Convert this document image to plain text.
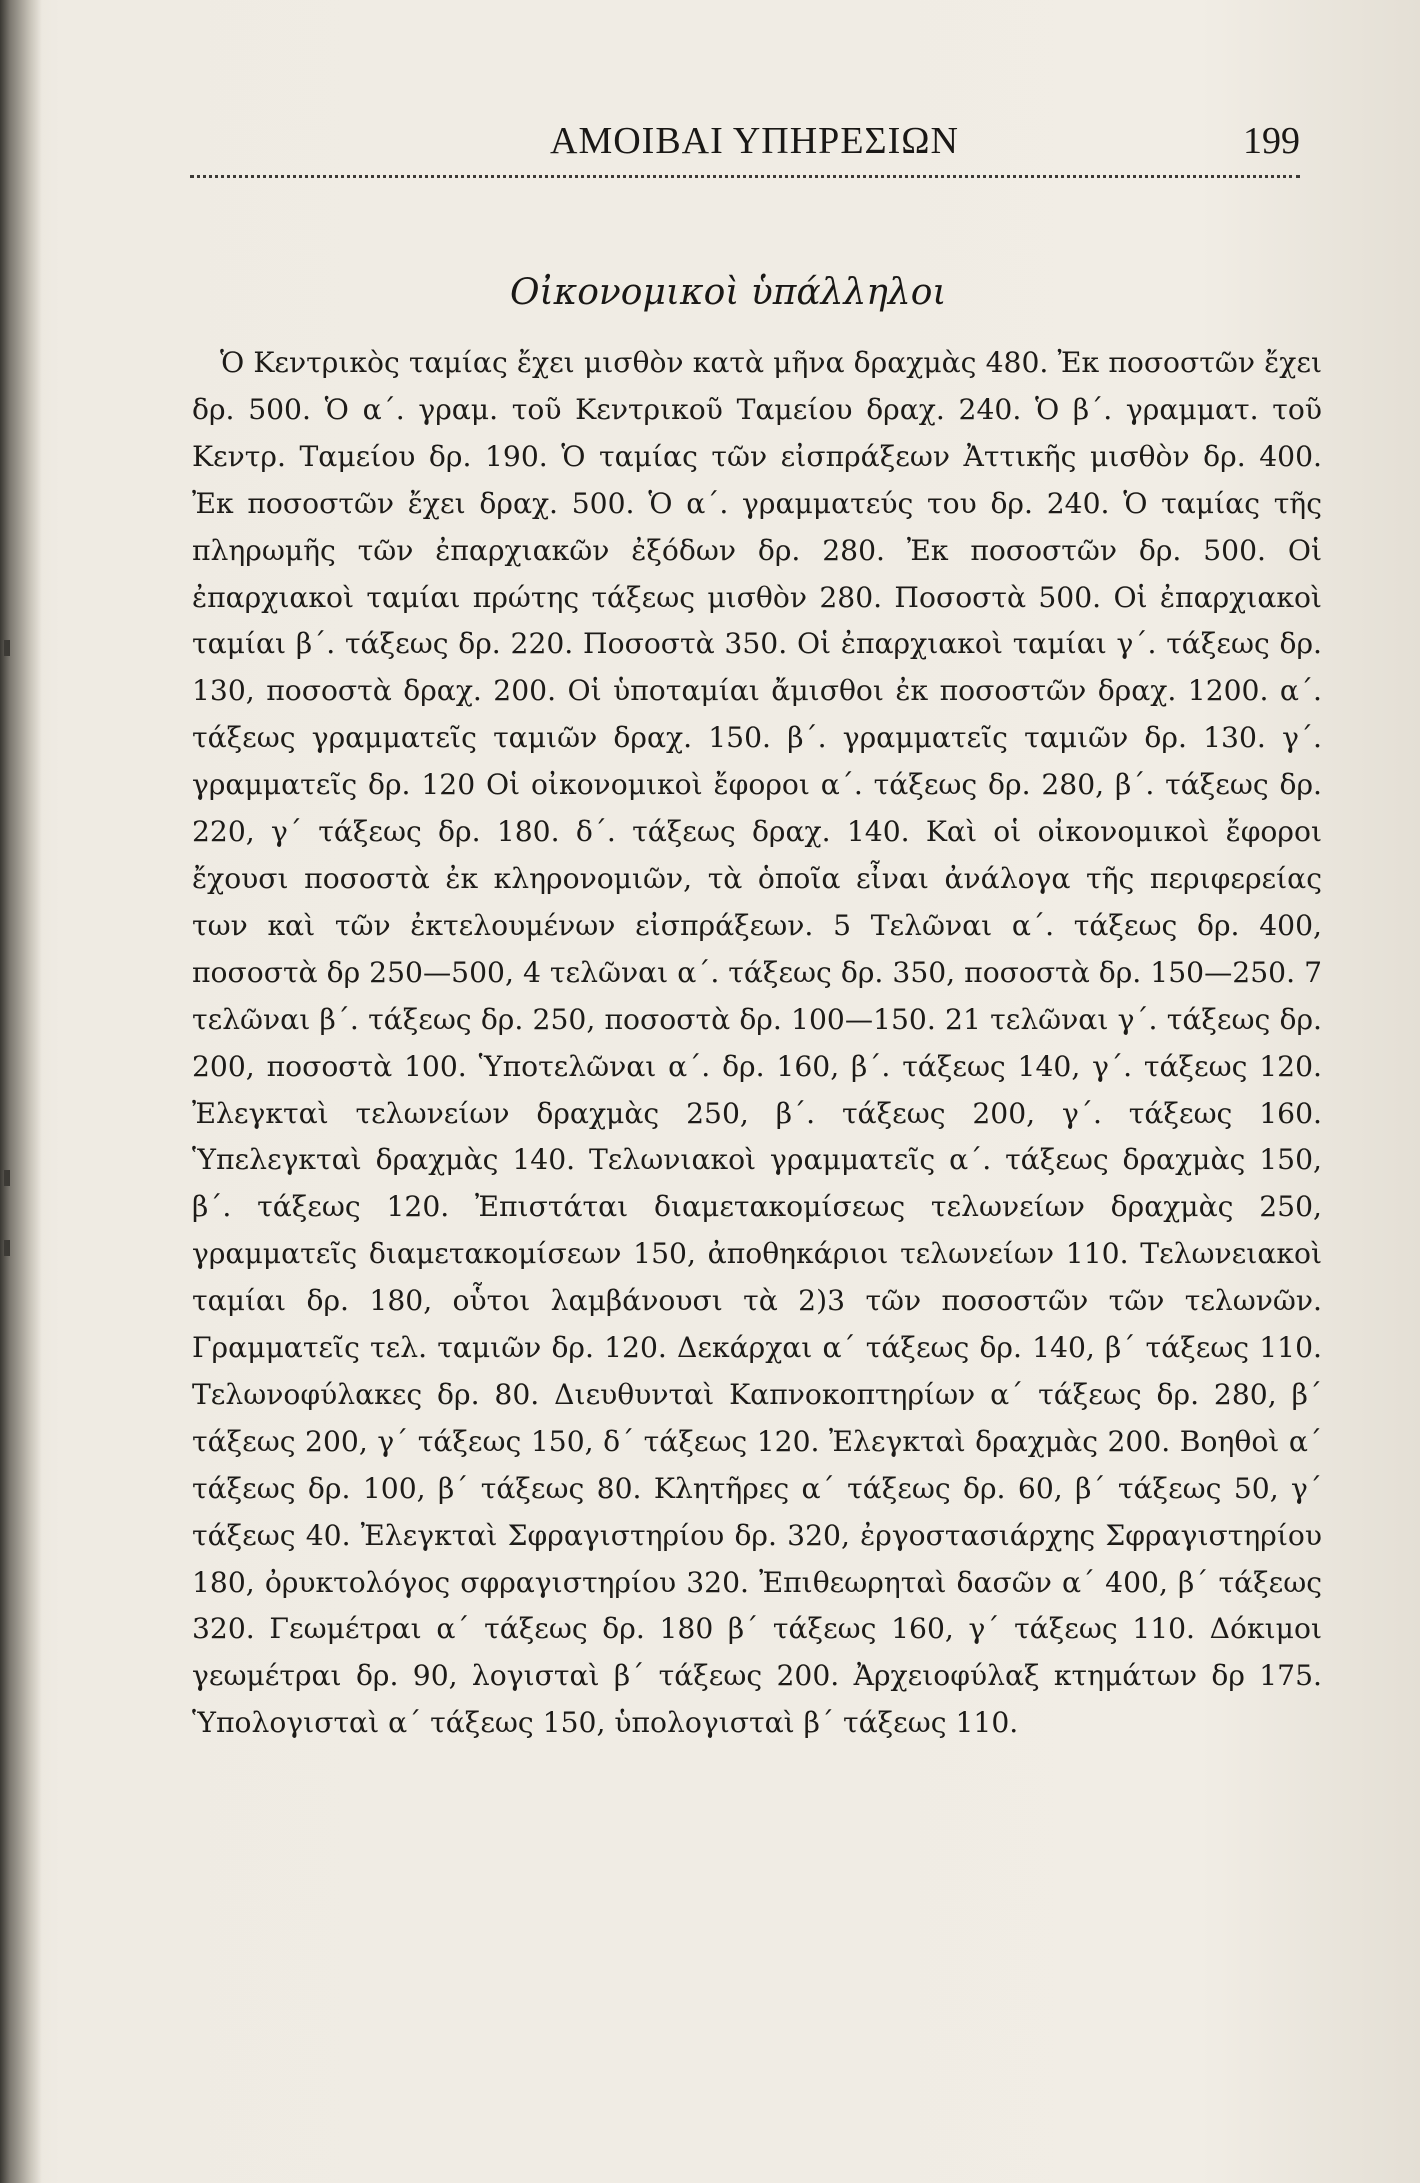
ΑΜΟΙΒΑΙ ΥΠΗΡΕΣΙΩΝ	199
Οἰκονομικοὶ ὑπάλληλοι

Ὁ Κεντρικὸς ταμίας ἔχει μισθὸν κατὰ μῆνα δραχμὰς 480. Ἐκ ποσοστῶν ἔχει δρ. 500. Ὁ α΄. γραμ. τοῦ Κεντρικοῦ Ταμείου δραχ. 240. Ὁ β΄. γραμματ. τοῦ Κεντρ. Ταμείου δρ. 190. Ὁ ταμίας τῶν εἰσπράξεων Ἀττικῆς μισθὸν δρ. 400. Ἐκ ποσοστῶν ἔχει δραχ. 500. Ὁ α΄. γραμματεύς του δρ. 240. Ὁ ταμίας τῆς πληρωμῆς τῶν ἐπαρχιακῶν ἐξόδων δρ. 280. Ἐκ ποσοστῶν δρ. 500. Οἱ ἐπαρχιακοὶ ταμίαι πρώτης τάξεως μισθὸν 280. Ποσοστὰ 500. Οἱ ἐπαρχιακοὶ ταμίαι β΄. τάξεως δρ. 220. Ποσοστὰ 350. Οἱ ἐπαρχιακοὶ ταμίαι γ΄. τάξεως δρ. 130, ποσοστὰ δραχ. 200. Οἱ ὑποταμίαι ἄμισθοι ἐκ ποσοστῶν δραχ. 1200. α΄. τάξεως γραμματεῖς ταμιῶν δραχ. 150. β΄. γραμματεῖς ταμιῶν δρ. 130. γ΄. γραμματεῖς δρ. 120 Οἱ οἰκονομικοὶ ἔφοροι α΄. τάξεως δρ. 280, β΄. τάξεως δρ. 220, γ΄ τάξεως δρ. 180. δ΄. τάξεως δραχ. 140. Καὶ οἱ οἰκονομικοὶ ἔφοροι ἔχουσι ποσοστὰ ἐκ κληρονομιῶν, τὰ ὁποῖα εἶναι ἀνάλογα τῆς περιφερείας των καὶ τῶν ἐκτελουμένων εἰσπράξεων. 5 Τελῶναι α΄. τάξεως δρ. 400, ποσοστὰ δρ 250—500, 4 τελῶναι α΄. τάξεως δρ. 350, ποσοστὰ δρ. 150—250. 7 τελῶναι β΄. τάξεως δρ. 250, ποσοστὰ δρ. 100—150. 21 τελῶναι γ΄. τάξεως δρ. 200, ποσοστὰ 100. Ὑποτελῶναι α΄. δρ. 160, β΄. τάξεως 140, γ΄. τάξεως 120. Ἐλεγκταὶ τελωνείων δραχμὰς 250, β΄. τάξεως 200, γ΄. τάξεως 160. Ὑπελεγκταὶ δραχμὰς 140. Τελωνιακοὶ γραμματεῖς α΄. τάξεως δραχμὰς 150, β΄. τάξεως 120. Ἐπιστάται διαμετακομίσεως τελωνείων δραχμὰς 250, γραμματεῖς διαμετακομίσεων 150, ἀποθηκάριοι τελωνείων 110. Τελωνειακοὶ ταμίαι δρ. 180, οὗτοι λαμβάνουσι τὰ 2)3 τῶν ποσοστῶν τῶν τελωνῶν. Γραμματεῖς τελ. ταμιῶν δρ. 120. Δεκάρχαι α΄ τάξεως δρ. 140, β΄ τάξεως 110. Τελωνοφύλακες δρ. 80. Διευθυνταὶ Καπνοκοπτηρίων α΄ τάξεως δρ. 280, β΄ τάξεως 200, γ΄ τάξεως 150, δ΄ τάξεως 120. Ἐλεγκταὶ δραχμὰς 200. Βοηθοὶ α΄ τάξεως δρ. 100, β΄ τάξεως 80. Κλητῆρες α΄ τάξεως δρ. 60, β΄ τάξεως 50, γ΄ τάξεως 40. Ἐλεγκταὶ Σφραγιστηρίου δρ. 320, ἐργοστασιάρχης Σφραγιστηρίου 180, ὀρυκτολόγος σφραγιστηρίου 320. Ἐπιθεωρηταὶ δασῶν α΄ 400, β΄ τάξεως 320. Γεωμέτραι α΄ τάξεως δρ. 180 β΄ τάξεως 160, γ΄ τάξεως 110. Δόκιμοι γεωμέτραι δρ. 90, λογισταὶ β΄ τάξεως 200. Ἀρχειοφύλαξ κτημάτων δρ 175. Ὑπολογισταὶ α΄ τάξεως 150, ὑπολογισταὶ β΄ τάξεως 110.
